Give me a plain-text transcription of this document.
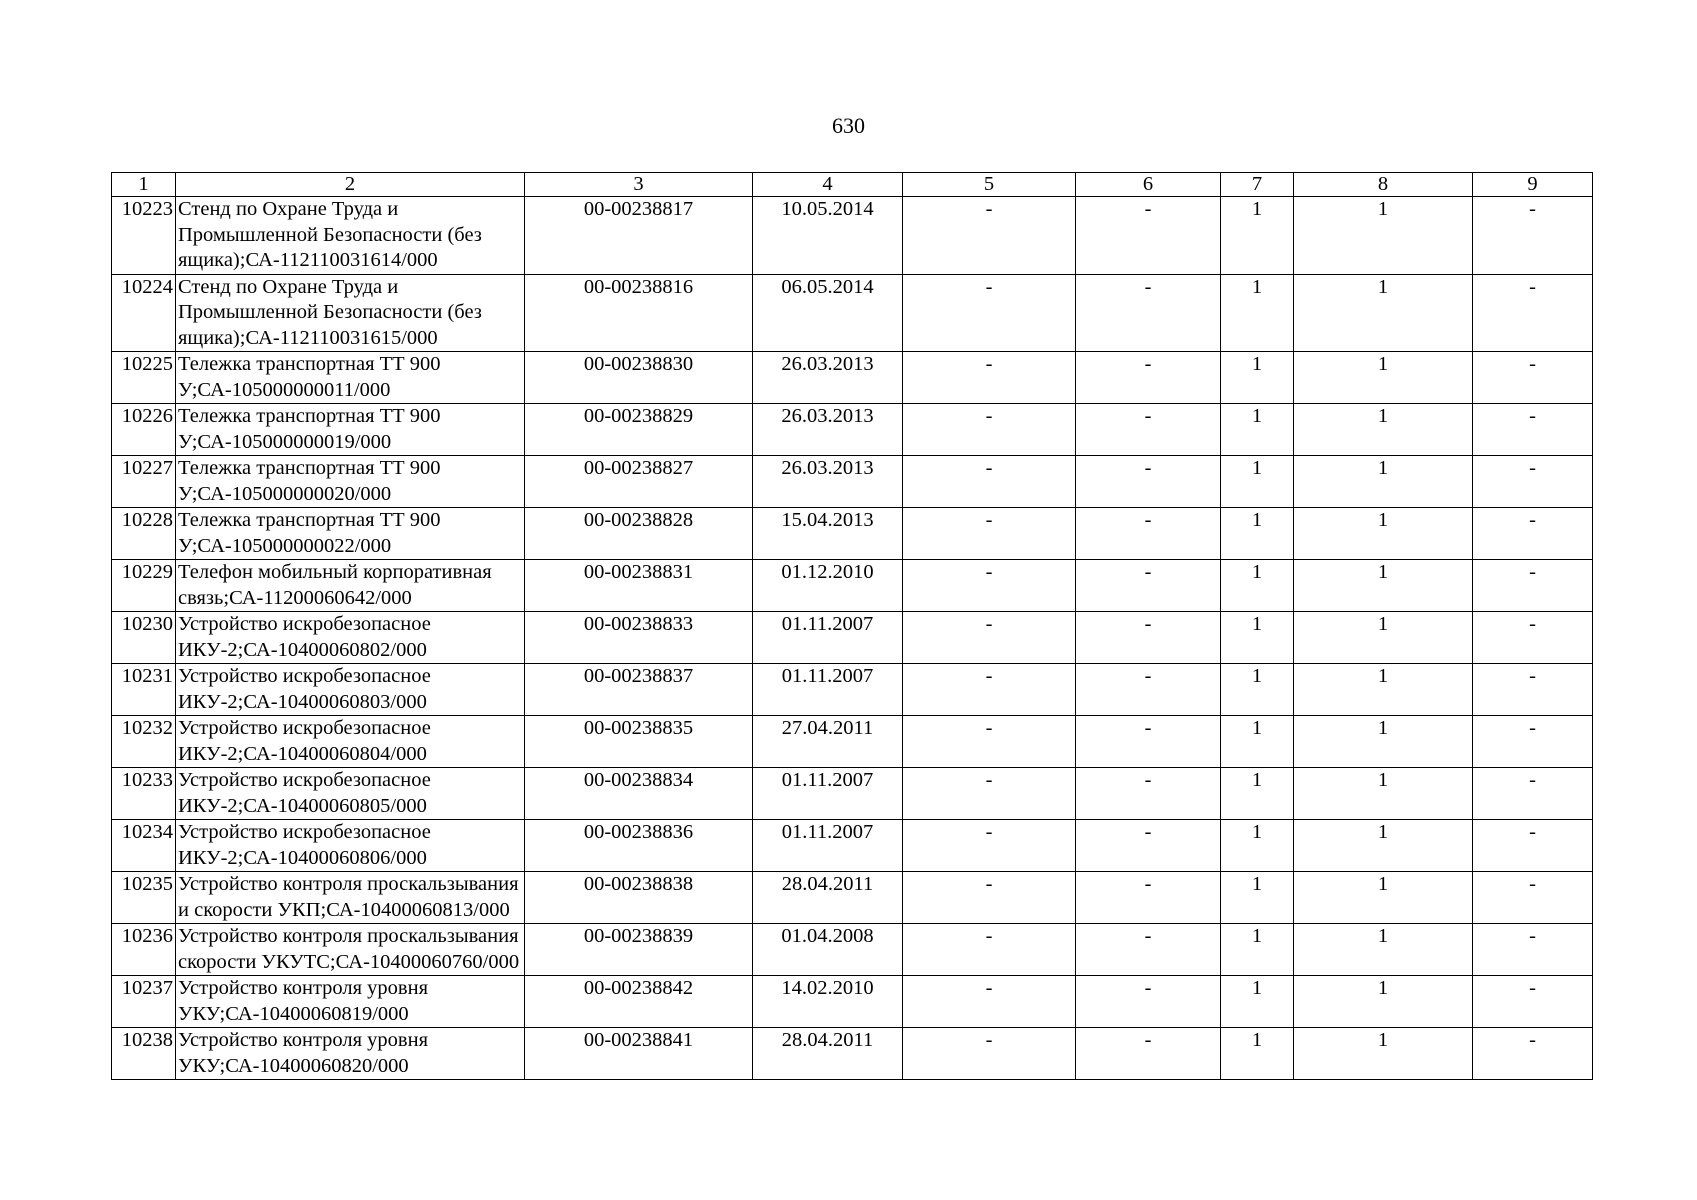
630
1	2	3	4	5	6	7	8	9
10223	Стенд по Охране Труда и Промышленной Безопасности (без ящика);СА-112110031614/000	00-00238817	10.05.2014	-	-	1	1	-
10224	Стенд по Охране Труда и Промышленной Безопасности (без ящика);СА-112110031615/000	00-00238816	06.05.2014	-	-	1	1	-
10225	Тележка транспортная ТТ 900 У;СА-105000000011/000	00-00238830	26.03.2013	-	-	1	1	-
10226	Тележка транспортная ТТ 900 У;СА-105000000019/000	00-00238829	26.03.2013	-	-	1	1	-
10227	Тележка транспортная ТТ 900 У;СА-105000000020/000	00-00238827	26.03.2013	-	-	1	1	-
10228	Тележка транспортная ТТ 900 У;СА-105000000022/000	00-00238828	15.04.2013	-	-	1	1	-
10229	Телефон мобильный корпоративная связь;СА-11200060642/000	00-00238831	01.12.2010	-	-	1	1	-
10230	Устройство искробезопасное ИКУ-2;СА-10400060802/000	00-00238833	01.11.2007	-	-	1	1	-
10231	Устройство искробезопасное ИКУ-2;СА-10400060803/000	00-00238837	01.11.2007	-	-	1	1	-
10232	Устройство искробезопасное ИКУ-2;СА-10400060804/000	00-00238835	27.04.2011	-	-	1	1	-
10233	Устройство искробезопасное ИКУ-2;СА-10400060805/000	00-00238834	01.11.2007	-	-	1	1	-
10234	Устройство искробезопасное ИКУ-2;СА-10400060806/000	00-00238836	01.11.2007	-	-	1	1	-
10235	Устройство контроля проскальзывания и скорости УКП;СА-10400060813/000	00-00238838	28.04.2011	-	-	1	1	-
10236	Устройство контроля проскальзывания скорости УКУТС;СА-10400060760/000	00-00238839	01.04.2008	-	-	1	1	-
10237	Устройство контроля уровня УКУ;СА-10400060819/000	00-00238842	14.02.2010	-	-	1	1	-
10238	Устройство контроля уровня УКУ;СА-10400060820/000	00-00238841	28.04.2011	-	-	1	1	-
